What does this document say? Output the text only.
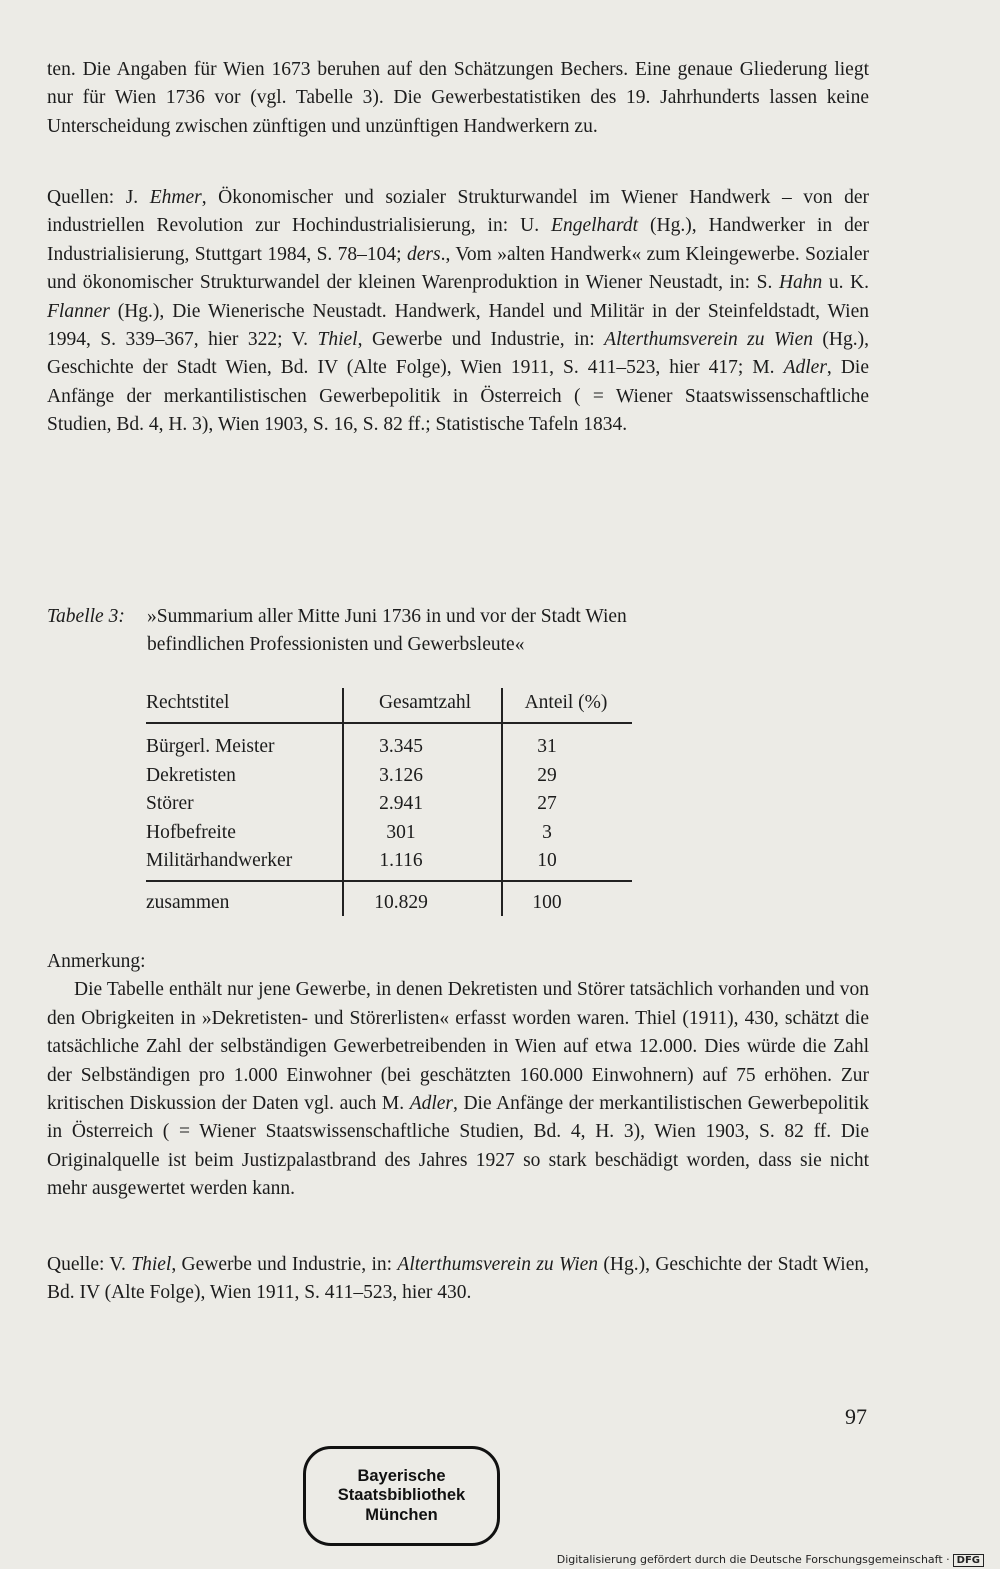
ten. Die Angaben für Wien 1673 beruhen auf den Schätzungen Bechers. Eine genaue Gliederung liegt nur für Wien 1736 vor (vgl. Tabelle 3). Die Gewerbestatistiken des 19. Jahrhunderts lassen keine Unterscheidung zwischen zünftigen und unzünftigen Handwerkern zu.

Quellen: J. Ehmer, Ökonomischer und sozialer Strukturwandel im Wiener Handwerk – von der industriellen Revolution zur Hochindustrialisierung, in: U. Engelhardt (Hg.), Handwerker in der Industrialisierung, Stuttgart 1984, S. 78–104; ders., Vom »alten Handwerk« zum Kleingewerbe. Sozialer und ökonomischer Strukturwandel der kleinen Warenproduktion in Wiener Neustadt, in: S. Hahn u. K. Flanner (Hg.), Die Wienerische Neustadt. Handwerk, Handel und Militär in der Steinfeldstadt, Wien 1994, S. 339–367, hier 322; V. Thiel, Gewerbe und Industrie, in: Alterthumsverein zu Wien (Hg.), Geschichte der Stadt Wien, Bd. IV (Alte Folge), Wien 1911, S. 411–523, hier 417; M. Adler, Die Anfänge der merkantilistischen Gewerbepolitik in Österreich ( = Wiener Staatswissenschaftliche Studien, Bd. 4, H. 3), Wien 1903, S. 16, S. 82 ff.; Statistische Tafeln 1834.

Tabelle 3: »Summarium aller Mitte Juni 1736 in und vor der Stadt Wien
befindlichen Professionisten und Gewerbsleute«
Rechtstitel	Gesamtzahl	Anteil (%)
Bürgerl. Meister	3.345	31
Dekretisten	3.126	29
Störer	2.941	27
Hofbefreite	301	3
Militärhandwerker	1.116	10
zusammen	10.829	100
Anmerkung:

Die Tabelle enthält nur jene Gewerbe, in denen Dekretisten und Störer tatsächlich vorhanden und von den Obrigkeiten in »Dekretisten- und Störerlisten« erfasst worden waren. Thiel (1911), 430, schätzt die tatsächliche Zahl der selbständigen Gewerbetreibenden in Wien auf etwa 12.000. Dies würde die Zahl der Selbständigen pro 1.000 Einwohner (bei geschätzten 160.000 Einwohnern) auf 75 erhöhen. Zur kritischen Diskussion der Daten vgl. auch M. Adler, Die Anfänge der merkantilistischen Gewerbepolitik in Österreich ( = Wiener Staatswissenschaftliche Studien, Bd. 4, H. 3), Wien 1903, S. 82 ff. Die Originalquelle ist beim Justizpalastbrand des Jahres 1927 so stark beschädigt worden, dass sie nicht mehr ausgewertet werden kann.

Quelle: V. Thiel, Gewerbe und Industrie, in: Alterthumsverein zu Wien (Hg.), Geschichte der Stadt Wien, Bd. IV (Alte Folge), Wien 1911, S. 411–523, hier 430.

97
Bayerische
Staatsbibliothek
München
Digitalisierung gefördert durch die Deutsche Forschungsgemeinschaft · DFG
